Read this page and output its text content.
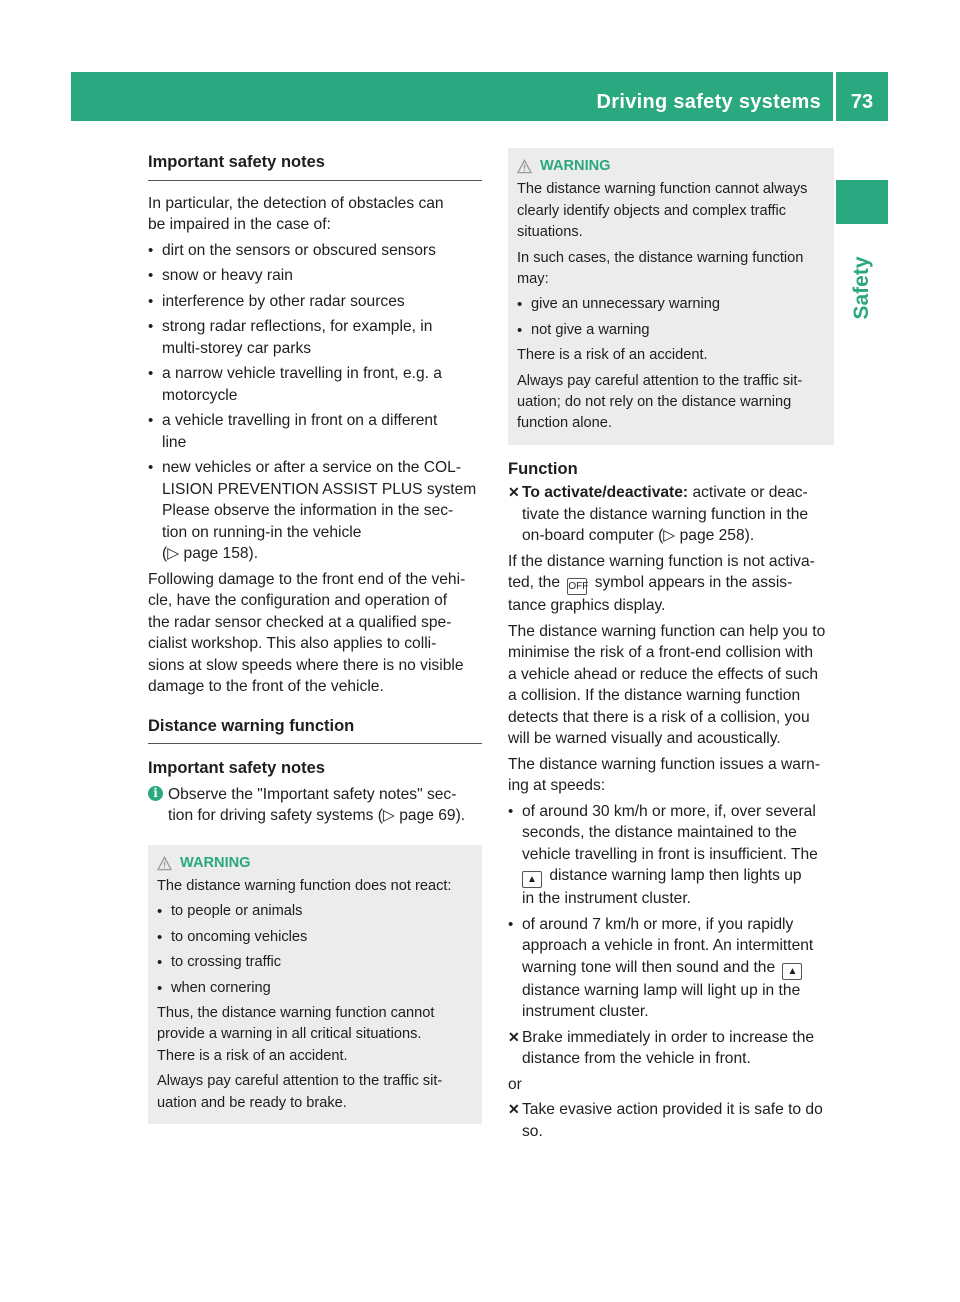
Driving safety systems	73
Safety
Important safety notes

In particular, the detection of obstacles can

be impaired in the case of:

• dirt on the sensors or obscured sensors
• snow or heavy rain
• interference by other radar sources
• strong radar reflections, for example, in
multi-storey car parks
• a narrow vehicle travelling in front, e.g. a
motorcycle
• a vehicle travelling in front on a different
line
• new vehicles or after a service on the COL-
LISION PREVENTION ASSIST PLUS system
Please observe the information in the sec-
tion on running-in the vehicle
(▷ page 158).

Following damage to the front end of the vehi-
cle, have the configuration and operation of
the radar sensor checked at a qualified spe-
cialist workshop. This also applies to colli-
sions at slow speeds where there is no visible
damage to the front of the vehicle.

Distance warning function
Important safety notes
i Observe the "Important safety notes" sec-
tion for driving safety systems (▷ page 69).
WARNING

The distance warning function does not react:

• to people or animals
• to oncoming vehicles
• to crossing traffic
• when cornering

Thus, the distance warning function cannot
provide a warning in all critical situations.
There is a risk of an accident.

Always pay careful attention to the traffic sit-
uation and be ready to brake.

WARNING

The distance warning function cannot always
clearly identify objects and complex traffic
situations.

In such cases, the distance warning function
may:

• give an unnecessary warning
• not give a warning

There is a risk of an accident.

Always pay careful attention to the traffic sit-
uation; do not rely on the distance warning
function alone.

Function
✕ To activate/deactivate: activate or deac-
tivate the distance warning function in the
on-board computer (▷ page 258).

If the distance warning function is not activa-
ted, the OFF symbol appears in the assis-
tance graphics display.

The distance warning function can help you to
minimise the risk of a front-end collision with
a vehicle ahead or reduce the effects of such
a collision. If the distance warning function
detects that there is a risk of a collision, you
will be warned visually and acoustically.

The distance warning function issues a warn-
ing at speeds:

• of around 30 km/h or more, if, over several
seconds, the distance maintained to the
vehicle travelling in front is insufficient. The
▲ distance warning lamp then lights up
in the instrument cluster.
• of around 7 km/h or more, if you rapidly
approach a vehicle in front. An intermittent
warning tone will then sound and the ▲
distance warning lamp will light up in the
instrument cluster.
✕ Brake immediately in order to increase the
distance from the vehicle in front.

or

✕ Take evasive action provided it is safe to do
so.
